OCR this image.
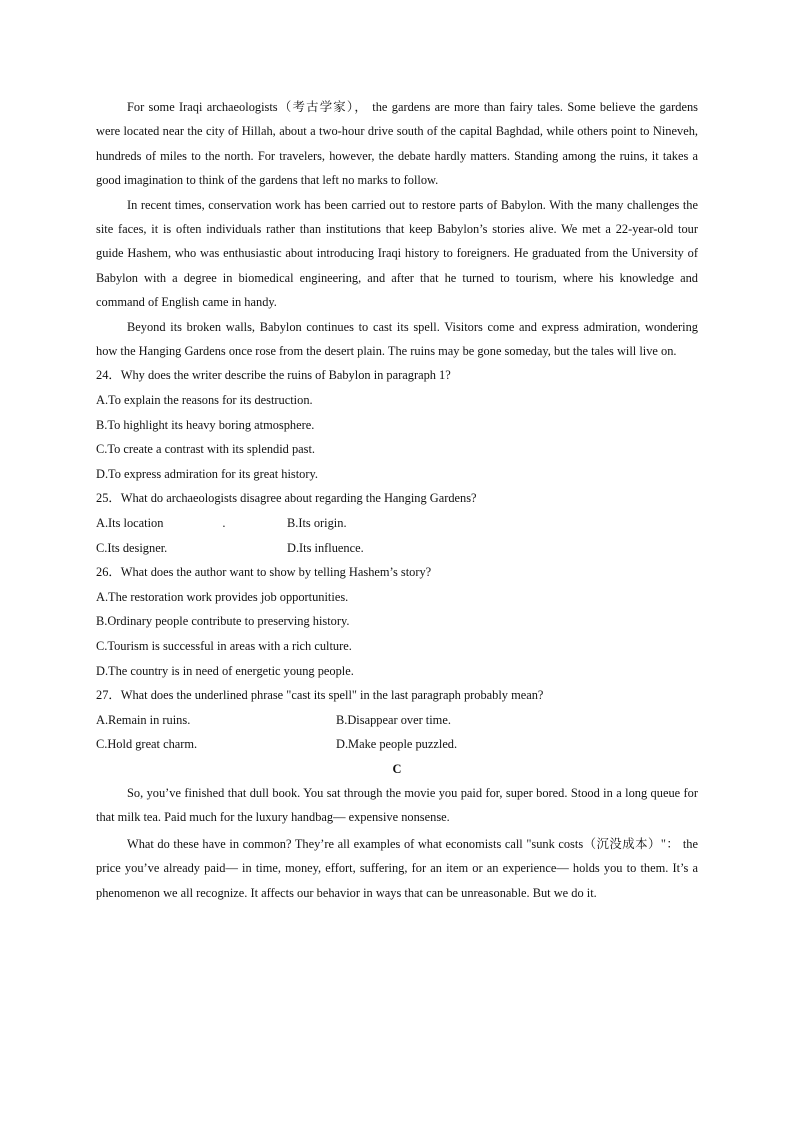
For some Iraqi archaeologists（考古学家）， the gardens are more than fairy tales. Some believe the gardens were located near the city of Hillah, about a two-hour drive south of the capital Baghdad, while others point to Nineveh, hundreds of miles to the north. For travelers, however, the debate hardly matters. Standing among the ruins, it takes a good imagination to think of the gardens that left no marks to follow.

In recent times, conservation work has been carried out to restore parts of Babylon. With the many challenges the site faces, it is often individuals rather than institutions that keep Babylon’s stories alive. We met a 22-year-old tour guide Hashem, who was enthusiastic about introducing Iraqi history to foreigners. He graduated from the University of Babylon with a degree in biomedical engineering, and after that he turned to tourism, where his knowledge and command of English came in handy.

Beyond its broken walls, Babylon continues to cast its spell. Visitors come and express admiration, wondering how the Hanging Gardens once rose from the desert plain. The ruins may be gone someday, but the tales will live on.

24．Why does the writer describe the ruins of Babylon in paragraph 1?
A.To explain the reasons for its destruction.
B.To highlight its heavy boring atmosphere.
C.To create a contrast with its splendid past.
D.To express admiration for its great history.
25．What do archaeologists disagree about regarding the Hanging Gardens?
A.Its location	.	B.Its origin.
C.Its designer.	D.Its influence.
26．What does the author want to show by telling Hashem’s story?
A.The restoration work provides job opportunities.
B.Ordinary people contribute to preserving history.
C.Tourism is successful in areas with a rich culture.
D.The country is in need of energetic young people.
27．What does the underlined phrase "cast its spell" in the last paragraph probably mean?
A.Remain in ruins.	B.Disappear over time.
C.Hold great charm.	D.Make people puzzled.
C

So, you’ve finished that dull book. You sat through the movie you paid for, super bored. Stood in a long queue for that milk tea. Paid much for the luxury handbag— expensive nonsense.

What do these have in common? They’re all examples of what economists call "sunk costs（沉没成本）"： the price you’ve already paid— in time, money, effort, suffering, for an item or an experience— holds you to them. It’s a phenomenon we all recognize. It affects our behavior in ways that can be unreasonable. But we do it.
